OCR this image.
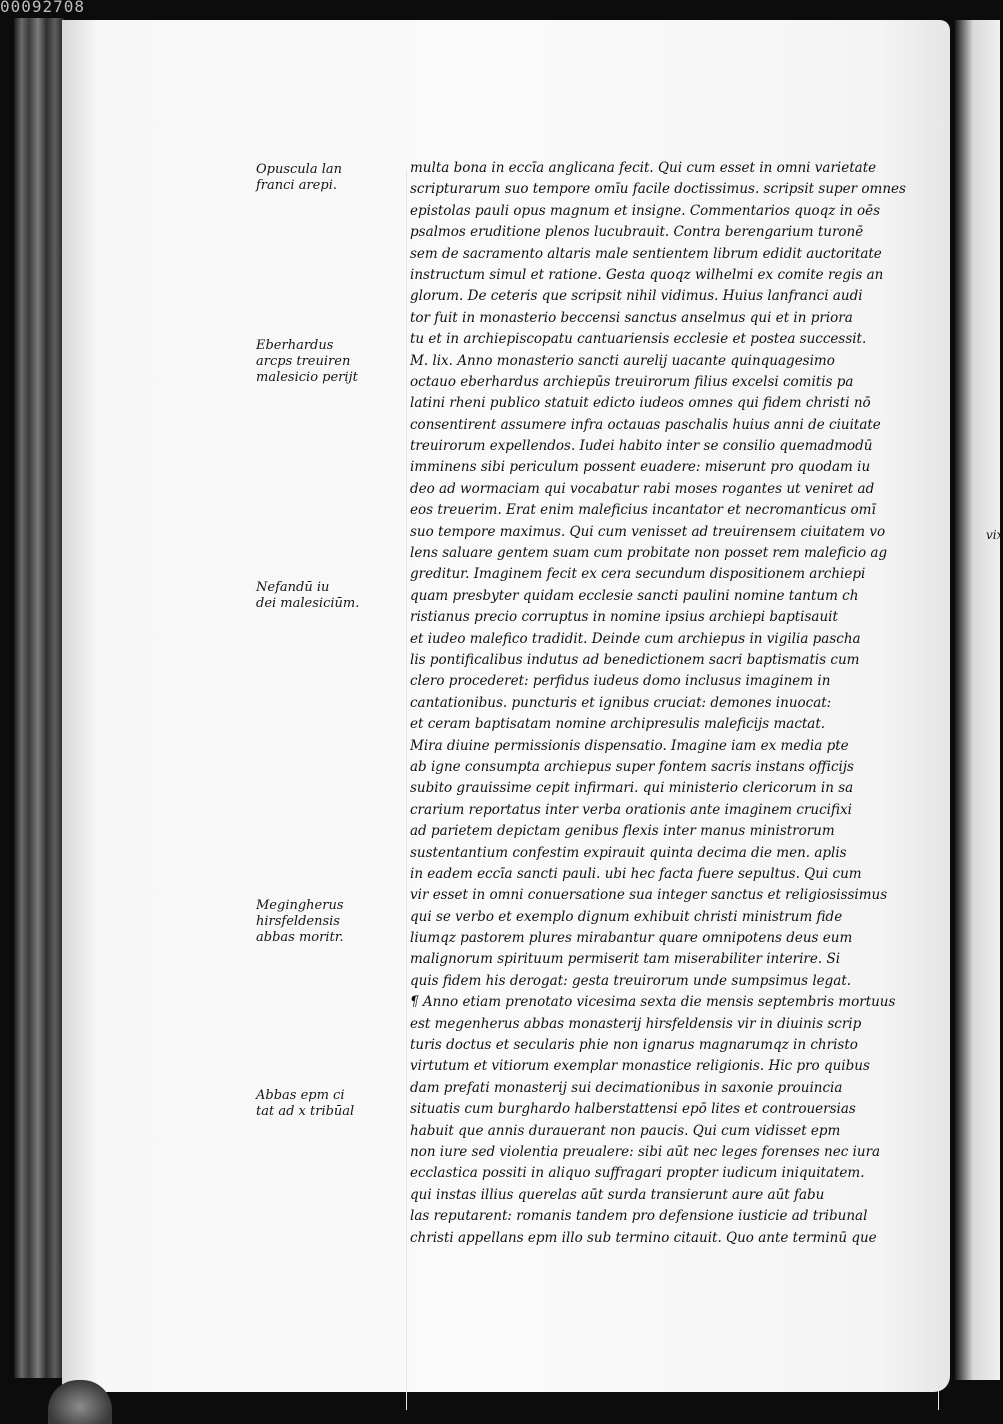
00092708
vix
Opuscula lan
franci arepi.
Eberhardus
arcps treuiren
malesicio perijt
Nefandū iu
dei malesiciūm.
Megingherus
hirsfeldensis
abbas moritr.
Abbas epm ci
tat ad x tribūal
multa bona in eccīa anglicana fecit. Qui cum esset in omni varietate
scripturarum suo tempore omīu facile doctissimus. scripsit super omnes
epistolas pauli opus magnum et insigne. Commentarios quoqz in oēs
psalmos eruditione plenos lucubrauit. Contra berengarium turonē
sem de sacramento altaris male sentientem librum edidit auctoritate
instructum simul et ratione. Gesta quoqz wilhelmi ex comite regis an
glorum. De ceteris que scripsit nihil vidimus. Huius lanfranci audi
tor fuit in monasterio beccensi sanctus anselmus qui et in priora
tu et in archiepiscopatu cantuariensis ecclesie et postea successit.
M. lix. Anno monasterio sancti aurelij uacante quinquagesimo
octauo eberhardus archiepūs treuirorum filius excelsi comitis pa
latini rheni publico statuit edicto iudeos omnes qui fidem christi nō
consentirent assumere infra octauas paschalis huius anni de ciuitate
treuirorum expellendos. Iudei habito inter se consilio quemadmodū
imminens sibi periculum possent euadere: miserunt pro quodam iu
deo ad wormaciam qui vocabatur rabi moses rogantes ut veniret ad
eos treuerim. Erat enim maleficius incantator et necromanticus omī
suo tempore maximus. Qui cum venisset ad treuirensem ciuitatem vo
lens saluare gentem suam cum probitate non posset rem maleficio ag
greditur. Imaginem fecit ex cera secundum dispositionem archiepi
quam presbyter quidam ecclesie sancti paulini nomine tantum ch
ristianus precio corruptus in nomine ipsius archiepi baptisauit
et iudeo malefico tradidit. Deinde cum archiepus in vigilia pascha
lis pontificalibus indutus ad benedictionem sacri baptismatis cum
clero procederet: perfidus iudeus domo inclusus imaginem in
cantationibus. puncturis et ignibus cruciat: demones inuocat:
et ceram baptisatam nomine archipresulis maleficijs mactat.
Mira diuine permissionis dispensatio. Imagine iam ex media pte
ab igne consumpta archiepus super fontem sacris instans officijs
subito grauissime cepit infirmari. qui ministerio clericorum in sa
crarium reportatus inter verba orationis ante imaginem crucifixi
ad parietem depictam genibus flexis inter manus ministrorum
sustentantium confestim expirauit quinta decima die men. aplis
in eadem eccīa sancti pauli. ubi hec facta fuere sepultus. Qui cum
vir esset in omni conuersatione sua integer sanctus et religiosissimus
qui se verbo et exemplo dignum exhibuit christi ministrum fide
liumqz pastorem plures mirabantur quare omnipotens deus eum
malignorum spirituum permiserit tam miserabiliter interire. Si
quis fidem his derogat: gesta treuirorum unde sumpsimus legat.
¶ Anno etiam prenotato vicesima sexta die mensis septembris mortuus
est megenherus abbas monasterij hirsfeldensis vir in diuinis scrip
turis doctus et secularis phie non ignarus magnarumqz in christo
virtutum et vitiorum exemplar monastice religionis. Hic pro quibus
dam prefati monasterij sui decimationibus in saxonie prouincia
situatis cum burghardo halberstattensi epō lites et controuersias
habuit que annis durauerant non paucis. Qui cum vidisset epm
non iure sed violentia preualere: sibi aūt nec leges forenses nec iura
ecclastica possiti in aliquo suffragari propter iudicum iniquitatem.
qui instas illius querelas aūt surda transierunt aure aūt fabu
las reputarent: romanis tandem pro defensione iusticie ad tribunal
christi appellans epm illo sub termino citauit. Quo ante terminū que
